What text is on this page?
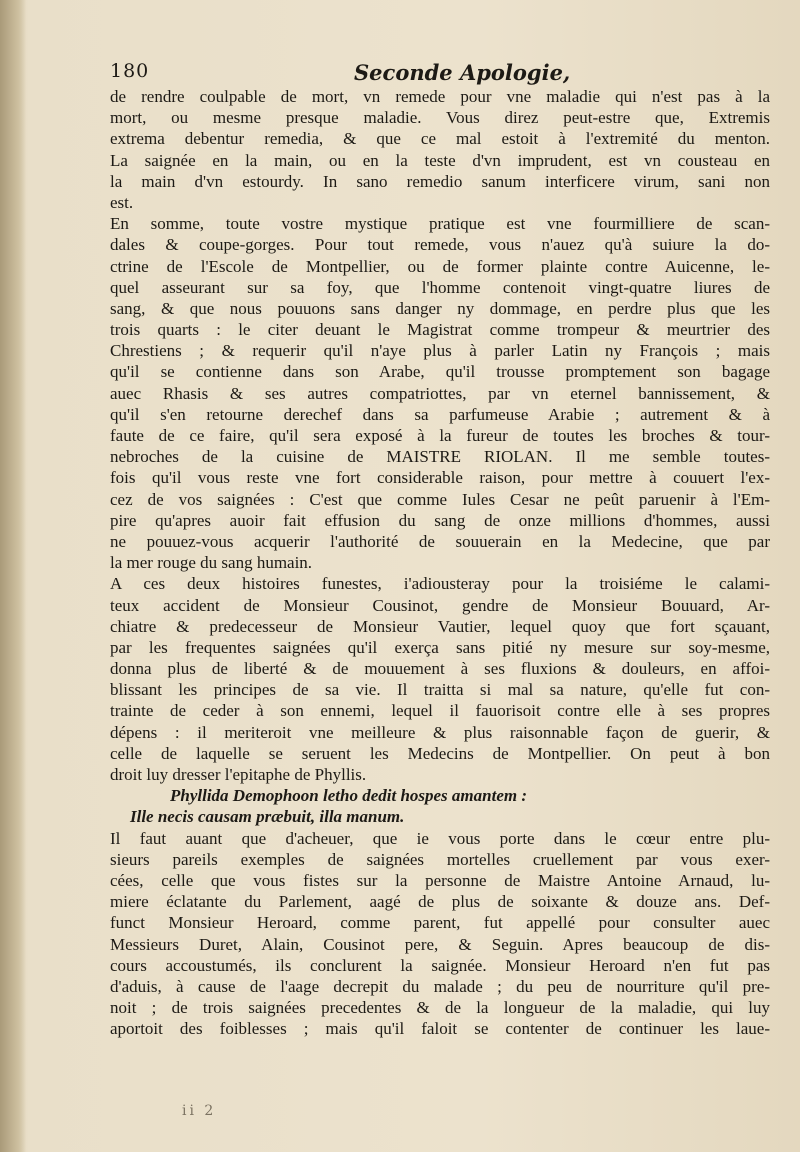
180	Seconde Apologie,
de rendre coulpable de mort, vn remede pour vne maladie qui n'est pas à la
mort, ou mesme presque maladie. Vous direz peut-estre que, Extremis
extrema debentur remedia, & que ce mal estoit à l'extremité du menton.
La saignée en la main, ou en la teste d'vn imprudent, est vn cousteau en
la main d'vn estourdy. In sano remedio sanum interficere virum, sani non
est.
En somme, toute vostre mystique pratique est vne fourmilliere de scan-
dales & coupe-gorges. Pour tout remede, vous n'auez qu'à suiure la do-
ctrine de l'Escole de Montpellier, ou de former plainte contre Auicenne, le-
quel asseurant sur sa foy, que l'homme contenoit vingt-quatre liures de
sang, & que nous pouuons sans danger ny dommage, en perdre plus que les
trois quarts : le citer deuant le Magistrat comme trompeur & meurtrier des
Chrestiens ; & requerir qu'il n'aye plus à parler Latin ny François ; mais
qu'il se contienne dans son Arabe, qu'il trousse promptement son bagage
auec Rhasis & ses autres compatriottes, par vn eternel bannissement, &
qu'il s'en retourne derechef dans sa parfumeuse Arabie ; autrement & à
faute de ce faire, qu'il sera exposé à la fureur de toutes les broches & tour-
nebroches de la cuisine de MAISTRE RIOLAN. Il me semble toutes-
fois qu'il vous reste vne fort considerable raison, pour mettre à couuert l'ex-
cez de vos saignées : C'est que comme Iules Cesar ne peût paruenir à l'Em-
pire qu'apres auoir fait effusion du sang de onze millions d'hommes, aussi
ne pouuez-vous acquerir l'authorité de souuerain en la Medecine, que par
la mer rouge du sang humain.
A ces deux histoires funestes, i'adiousteray pour la troisiéme le calami-
teux accident de Monsieur Cousinot, gendre de Monsieur Bouuard, Ar-
chiatre & predecesseur de Monsieur Vautier, lequel quoy que fort sçauant,
par les frequentes saignées qu'il exerça sans pitié ny mesure sur soy-mesme,
donna plus de liberté & de mouuement à ses fluxions & douleurs, en affoi-
blissant les principes de sa vie. Il traitta si mal sa nature, qu'elle fut con-
trainte de ceder à son ennemi, lequel il fauorisoit contre elle à ses propres
dépens : il meriteroit vne meilleure & plus raisonnable façon de guerir, &
celle de laquelle se seruent les Medecins de Montpellier. On peut à bon
droit luy dresser l'epitaphe de Phyllis.
Phyllida Demophoon letho dedit hospes amantem :
Ille necis causam præbuit, illa manum.
Il faut auant que d'acheuer, que ie vous porte dans le cœur entre plu-
sieurs pareils exemples de saignées mortelles cruellement par vous exer-
cées, celle que vous fistes sur la personne de Maistre Antoine Arnaud, lu-
miere éclatante du Parlement, aagé de plus de soixante & douze ans. Def-
funct Monsieur Heroard, comme parent, fut appellé pour consulter auec
Messieurs Duret, Alain, Cousinot pere, & Seguin. Apres beaucoup de dis-
cours accoustumés, ils conclurent la saignée. Monsieur Heroard n'en fut pas
d'aduis, à cause de l'aage decrepit du malade ; du peu de nourriture qu'il pre-
noit ; de trois saignées precedentes & de la longueur de la maladie, qui luy
aportoit des foiblesses ; mais qu'il faloit se contenter de continuer les laue-
ii 2
